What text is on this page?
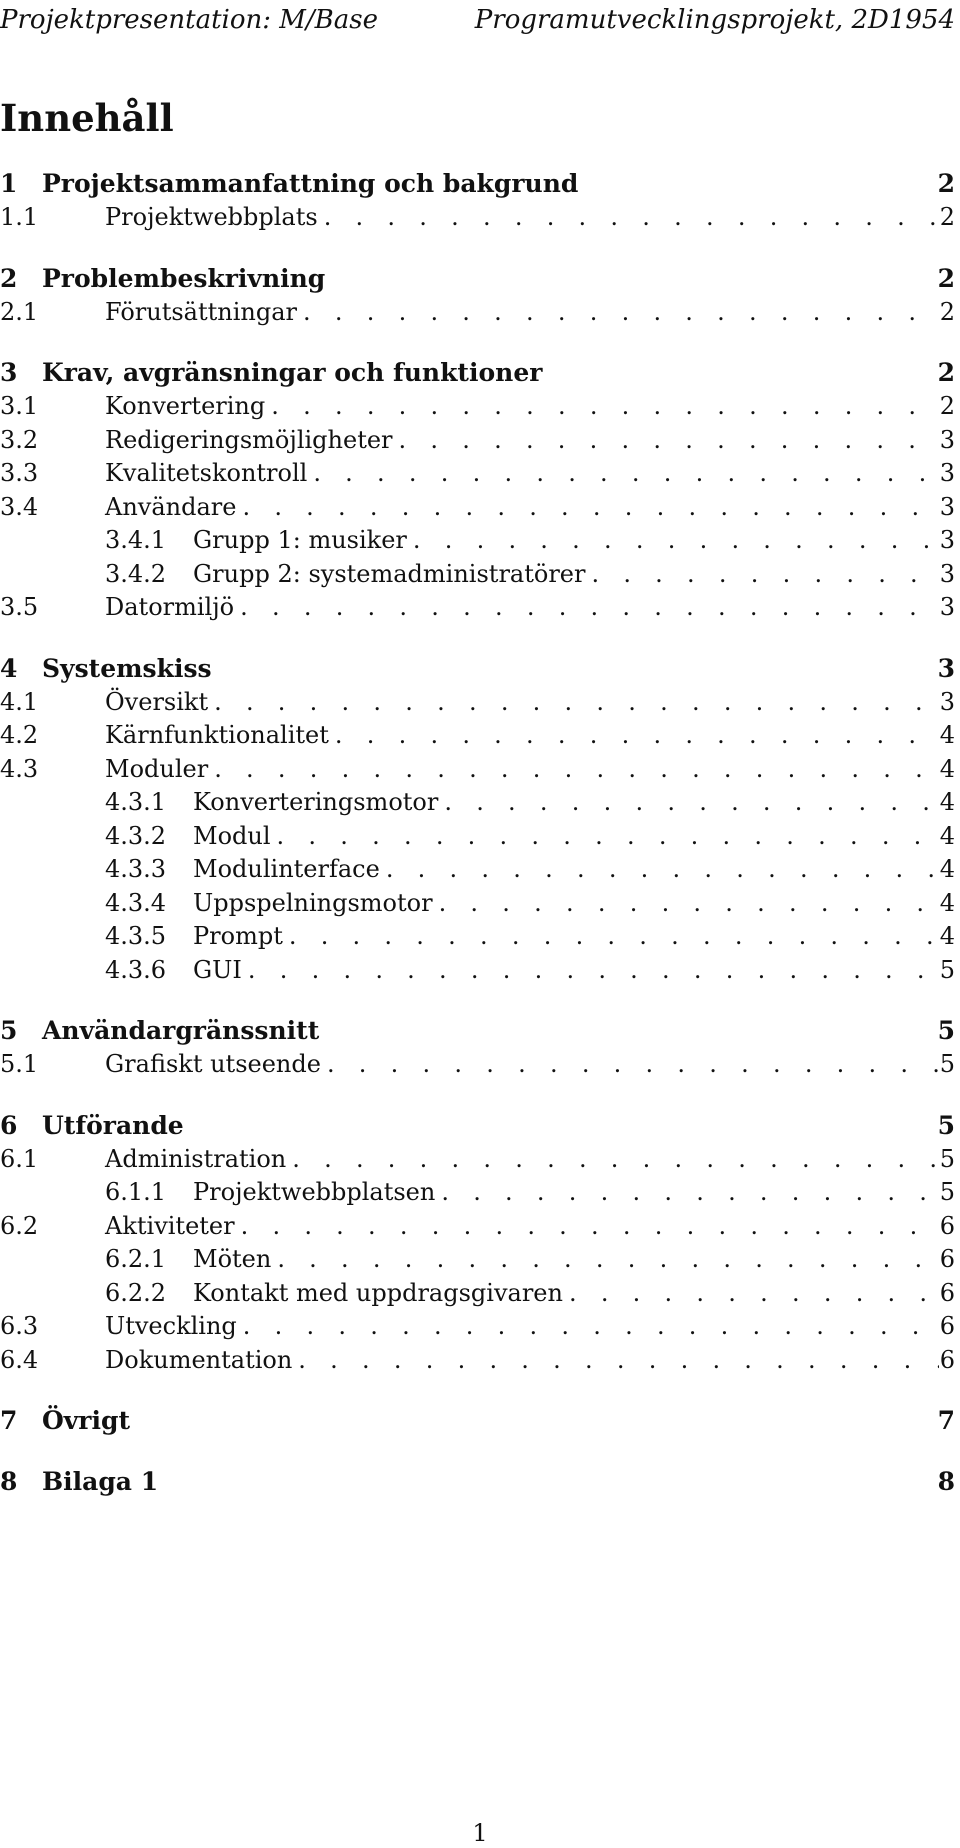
Projektpresentation: M/Base	Programutvecklingsprojekt, 2D1954
Innehåll
1 Projektsammanfattning och bakgrund	2
1.1	Projektwebbplats . . .	2
2 Problembeskrivning	2
2.1	Förutsättningar . . .	2
3 Krav, avgränsningar och funktioner	2
3.1	Konvertering . . .	2
3.2	Redigeringsmöjligheter . . .	3
3.3	Kvalitetskontroll . . .	3
3.4	Användare . . .	3
3.4.1	Grupp 1: musiker . . .	3
3.4.2	Grupp 2: systemadministratörer . . .	3
3.5	Datormiljö . . .	3
4 Systemskiss	3
4.1	Översikt . . .	3
4.2	Kärnfunktionalitet . . .	4
4.3	Moduler . . .	4
4.3.1	Konverteringsmotor . . .	4
4.3.2	Modul . . .	4
4.3.3	Modulinterface . . .	4
4.3.4	Uppspelningsmotor . . .	4
4.3.5	Prompt . . .	4
4.3.6	GUI . . .	5
5 Användargränssnitt	5
5.1	Grafiskt utseende . . .	5
6 Utförande	5
6.1	Administration . . .	5
6.1.1	Projektwebbplatsen . . .	5
6.2	Aktiviteter . . .	6
6.2.1	Möten . . .	6
6.2.2	Kontakt med uppdragsgivaren . . .	6
6.3	Utveckling . . .	6
6.4	Dokumentation . . .	6
7 Övrigt	7
8 Bilaga 1	8
1
